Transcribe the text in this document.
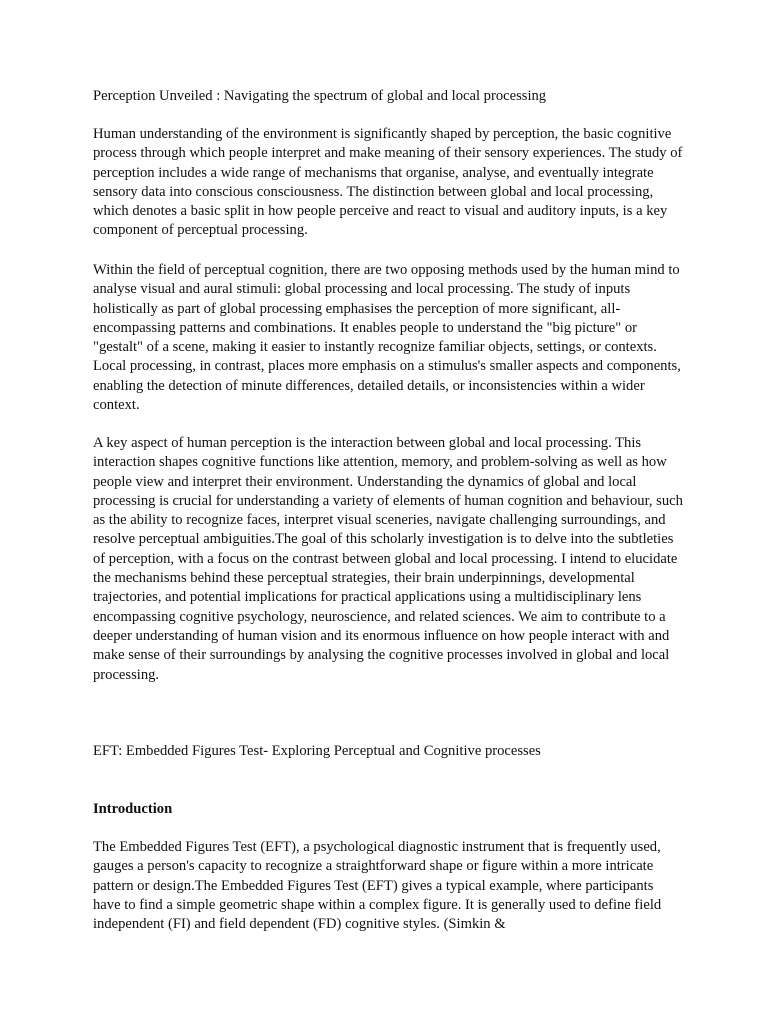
Perception Unveiled : Navigating the spectrum of global and local processing

Human understanding of the environment is significantly shaped by perception, the basic cognitive process through which people interpret and make meaning of their sensory experiences. The study of perception includes a wide range of mechanisms that organise, analyse, and eventually integrate sensory data into conscious consciousness. The distinction between global and local processing, which denotes a basic split in how people perceive and react to visual and auditory inputs, is a key component of perceptual processing.

Within the field of perceptual cognition, there are two opposing methods used by the human mind to analyse visual and aural stimuli: global processing and local processing. The study of inputs holistically as part of global processing emphasises the perception of more significant, all-encompassing patterns and combinations. It enables people to understand the "big picture" or "gestalt" of a scene, making it easier to instantly recognize familiar objects, settings, or contexts. Local processing, in contrast, places more emphasis on a stimulus's smaller aspects and components, enabling the detection of minute differences, detailed details, or inconsistencies within a wider context.

A key aspect of human perception is the interaction between global and local processing. This interaction shapes cognitive functions like attention, memory, and problem-solving as well as how people view and interpret their environment. Understanding the dynamics of global and local processing is crucial for understanding a variety of elements of human cognition and behaviour, such as the ability to recognize faces, interpret visual sceneries, navigate challenging surroundings, and resolve perceptual ambiguities.The goal of this scholarly investigation is to delve into the subtleties of perception, with a focus on the contrast between global and local processing. I intend to elucidate the mechanisms behind these perceptual strategies, their brain underpinnings, developmental trajectories, and potential implications for practical applications using a multidisciplinary lens encompassing cognitive psychology, neuroscience, and related sciences. We aim to contribute to a deeper understanding of human vision and its enormous influence on how people interact with and make sense of their surroundings by analysing the cognitive processes involved in global and local processing.

EFT: Embedded Figures Test- Exploring Perceptual and Cognitive processes

Introduction

The Embedded Figures Test (EFT), a psychological diagnostic instrument that is frequently used, gauges a person's capacity to recognize a straightforward shape or figure within a more intricate pattern or design.The Embedded Figures Test (EFT) gives a typical example, where participants have to find a simple geometric shape within a complex figure. It is generally used to define field independent (FI) and field dependent (FD) cognitive styles. (Simkin &
